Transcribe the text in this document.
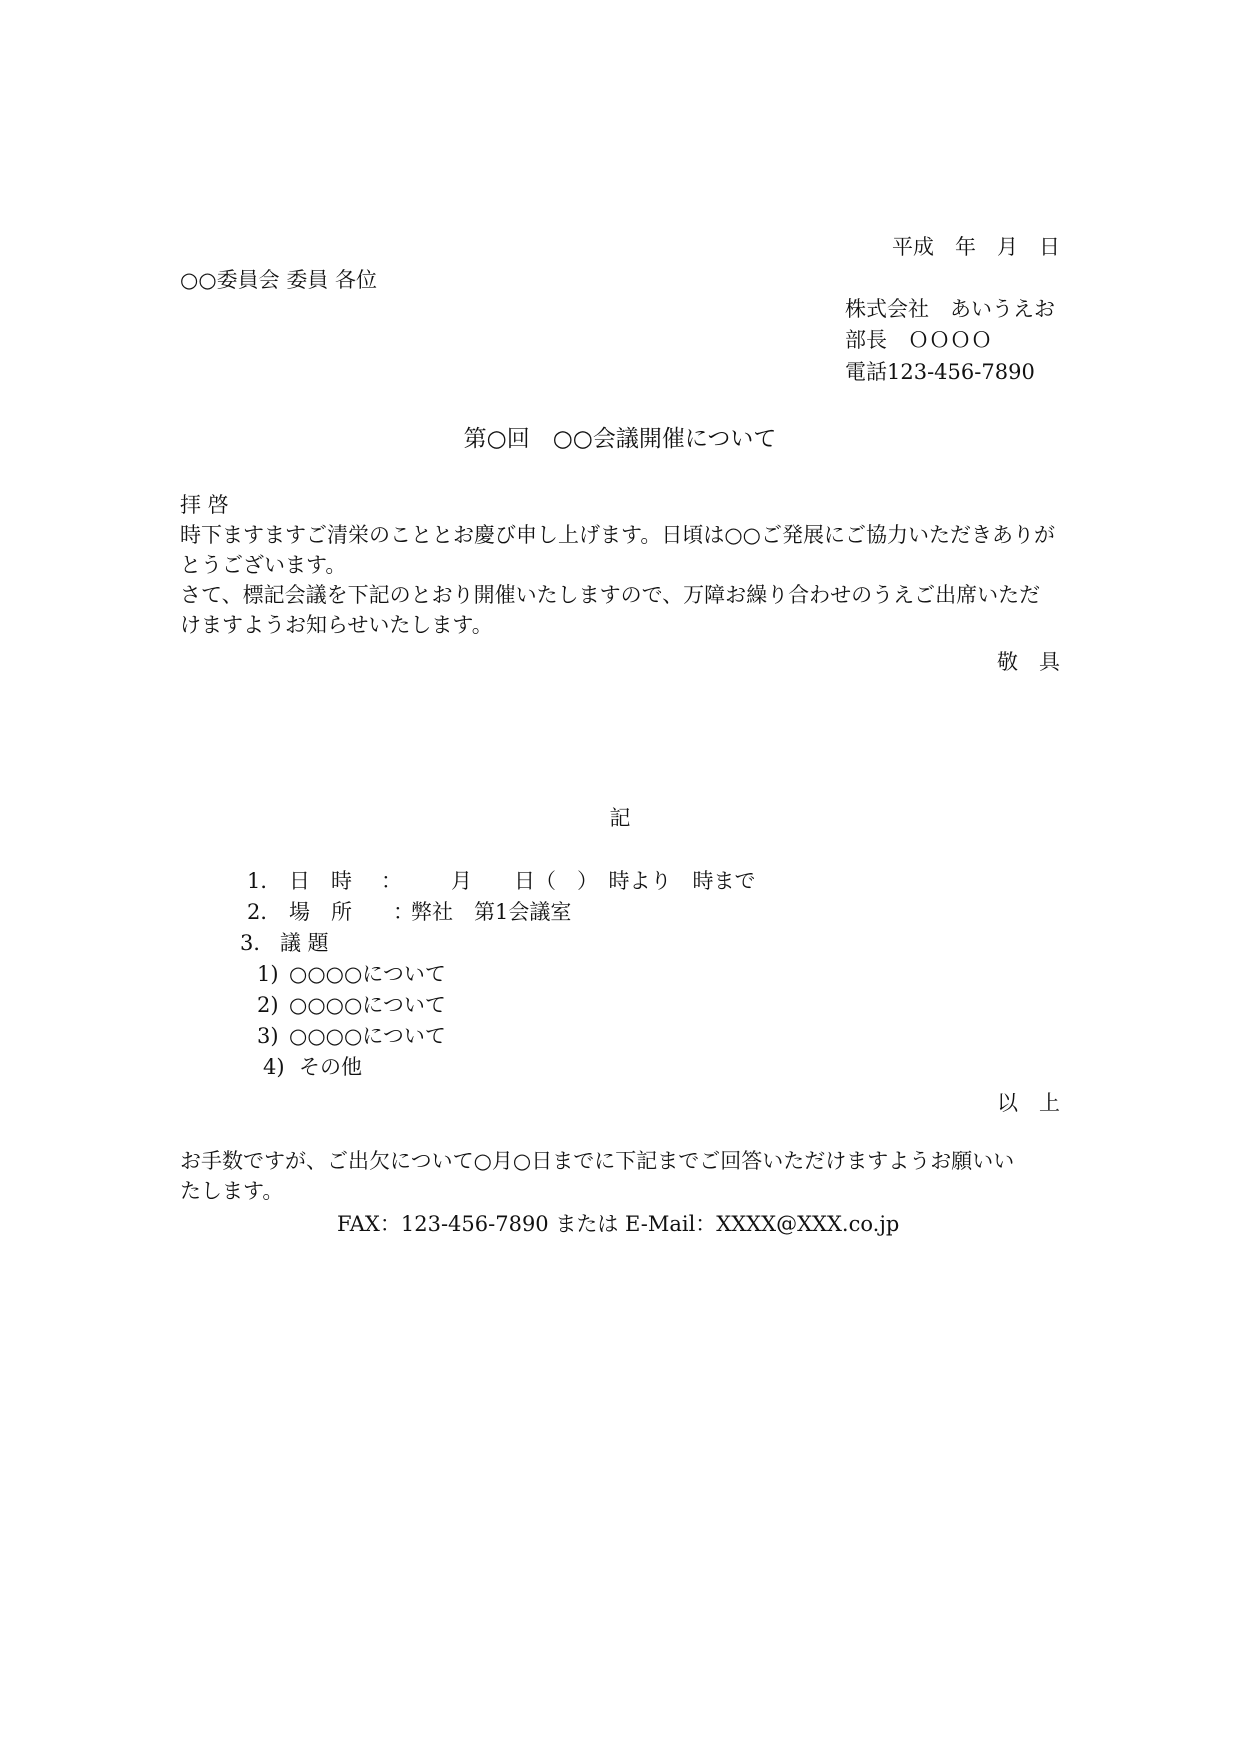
平成　年　月　日
○○委員会 委員 各位
株式会社　あいうえお
部長　ＯＯＯＯ
電話123-456-7890
第○回　○○会議開催について
拝 啓

時下ますますご清栄のこととお慶び申し上げます。日頃は○○ご発展にご協力いただきありがとうございます。

さて、標記会議を下記のとおり開催いたしますので、万障お繰り合わせのうえご出席いただけますようお知らせいたします。

敬　具
記
1． 日　時 ：　　月　　日（　）　時より　時まで
2． 場　所 ：弊社　第1会議室
3． 議 題
1) ○○○○について
2) ○○○○について
3) ○○○○について
4) その他
以　上
お手数ですが、ご出欠について○月○日までに下記までご回答いただけますようお願いいたします。
FAX：123-456-7890 または E-Mail：XXXX@XXX.co.jp
